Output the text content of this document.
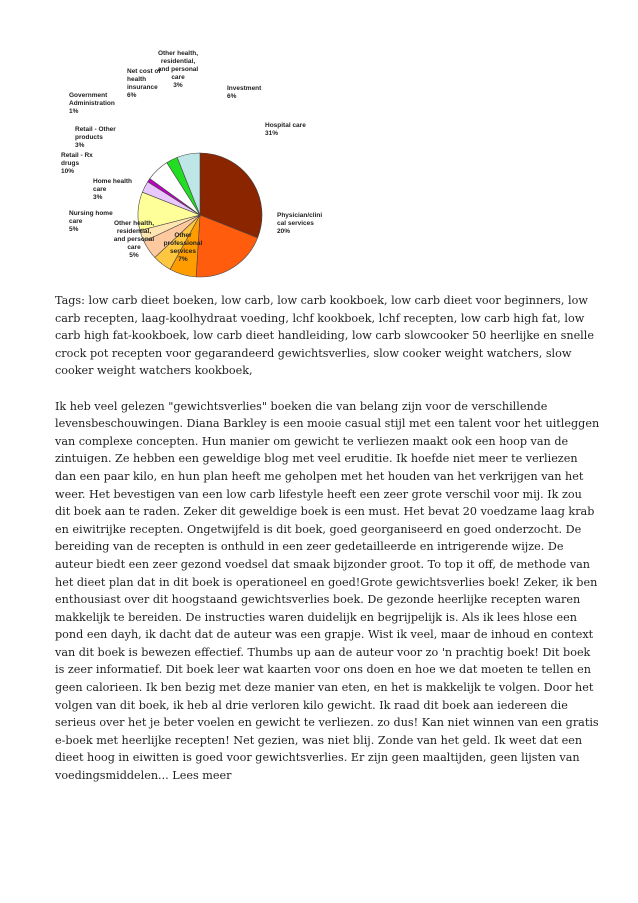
Hospital care 31%
Physician/clini cal services 20%
Other professional services 7%
Other health, residential, and personal care 5%
Nursing home care 5%
Home health care 3%
Retail - Rx drugs 10%
Retail - Other products 3%
Government Administration 1%
Net cost of health insurance 6%
Other health, residential, and personal care 3%	Investment 6%

Tags: low carb dieet boeken, low carb, low carb kookboek, low carb dieet voor beginners, low carb recepten, laag-koolhydraat voeding, lchf kookboek, lchf recepten, low carb high fat, low carb high fat-kookboek, low carb dieet handleiding, low carb slowcooker 50 heerlijke en snelle crock pot recepten voor gegarandeerd gewichtsverlies, slow cooker weight watchers, slow cooker weight watchers kookboek,

Ik heb veel gelezen "gewichtsverlies" boeken die van belang zijn voor de verschillende levensbeschouwingen. Diana Barkley is een mooie casual stijl met een talent voor het uitleggen van complexe concepten. Hun manier om gewicht te verliezen maakt ook een hoop van de zintuigen. Ze hebben een geweldige blog met veel eruditie. Ik hoefde niet meer te verliezen dan een paar kilo, en hun plan heeft me geholpen met het houden van het verkrijgen van het weer. Het bevestigen van een low carb lifestyle heeft een zeer grote verschil voor mij. Ik zou dit boek aan te raden. Zeker dit geweldige boek is een must. Het bevat 20 voedzame laag krab en eiwitrijke recepten. Ongetwijfeld is dit boek, goed georganiseerd en goed onderzocht. De bereiding van de recepten is onthuld in een zeer gedetailleerde en intrigerende wijze. De auteur biedt een zeer gezond voedsel dat smaak bijzonder groot. To top it off, de methode van het dieet plan dat in dit boek is operationeel en goed!Grote gewichtsverlies boek! Zeker, ik ben enthousiast over dit hoogstaand gewichtsverlies boek. De gezonde heerlijke recepten waren makkelijk te bereiden. De instructies waren duidelijk en begrijpelijk is. Als ik lees hlose een pond een dayh, ik dacht dat de auteur was een grapje. Wist ik veel, maar de inhoud en context van dit boek is bewezen effectief. Thumbs up aan de auteur voor zo 'n prachtig boek! Dit boek is zeer informatief. Dit boek leer wat kaarten voor ons doen en hoe we dat moeten te tellen en geen calorieen. Ik ben bezig met deze manier van eten, en het is makkelijk te volgen. Door het volgen van dit boek, ik heb al drie verloren kilo gewicht. Ik raad dit boek aan iedereen die serieus over het je beter voelen en gewicht te verliezen. zo dus! Kan niet winnen van een gratis e-boek met heerlijke recepten! Net gezien, was niet blij. Zonde van het geld. Ik weet dat een dieet hoog in eiwitten is goed voor gewichtsverlies. Er zijn geen maaltijden, geen lijsten van voedingsmiddelen... Lees meer
